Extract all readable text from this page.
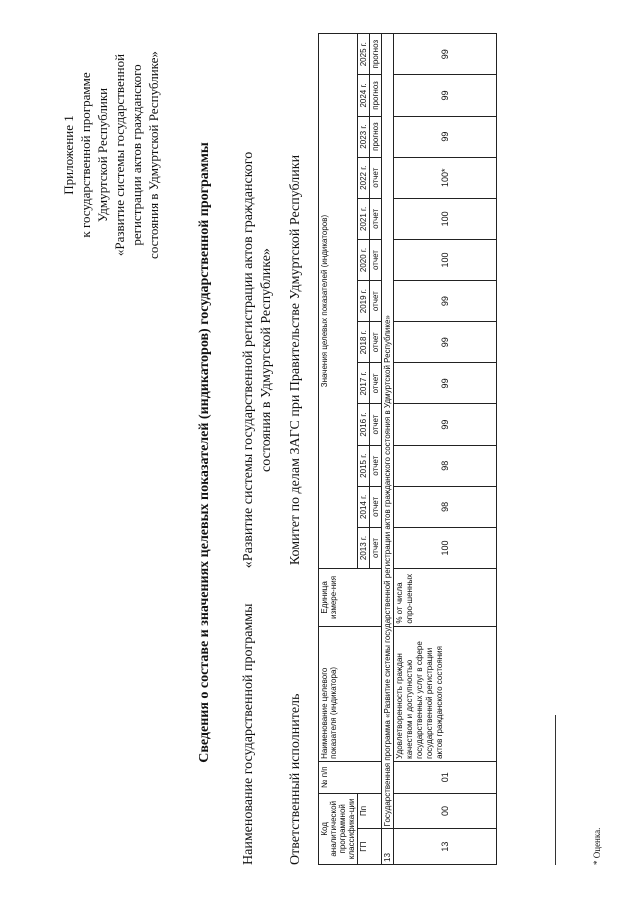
Приложение 1 к государственной программе Удмуртской Республики «Развитие системы государственной регистрации актов гражданского состояния в Удмуртской Республике»	Сведения о составе и значениях целевых показателей (индикаторов) государственной программы Наименование государственной программы
«Развитие системы государственной регистрации актов гражданского состояния в Удмуртской Республике»
Ответственный исполнитель
Комитет по делам ЗАГС при Правительстве Удмуртской Республики
Код аналитической программной классифика-ции		№ п/п	Наименование целевого показателя (индикатора)	Единица измере-ния	Значения целевых показателей (индикаторов)												
ГП	Пп				2013 г.	2014 г.	2015 г.	2016 г.	2017 г.	2018 г.	2019 г.	2020 г.	2021 г.	2022 г.	2023 г.	2024 г.	2025 г.
					отчет	отчет	отчет	отчет	отчет	отчет	отчет	отчет	отчет	отчет	прогноз	прогноз	прогноз
13	Государственная программа «Развитие системы государственной регистрации актов гражданского состояния в Удмуртской Республике»																
13	00	01	Удовлетворенность граждан качеством и доступностью государственных услуг в сфере государственной регистрации актов гражданского состояния	% от числа опро-шенных	100	98	98	99	99	99	99	100	100	100*	99	99	99
* Оценка.
